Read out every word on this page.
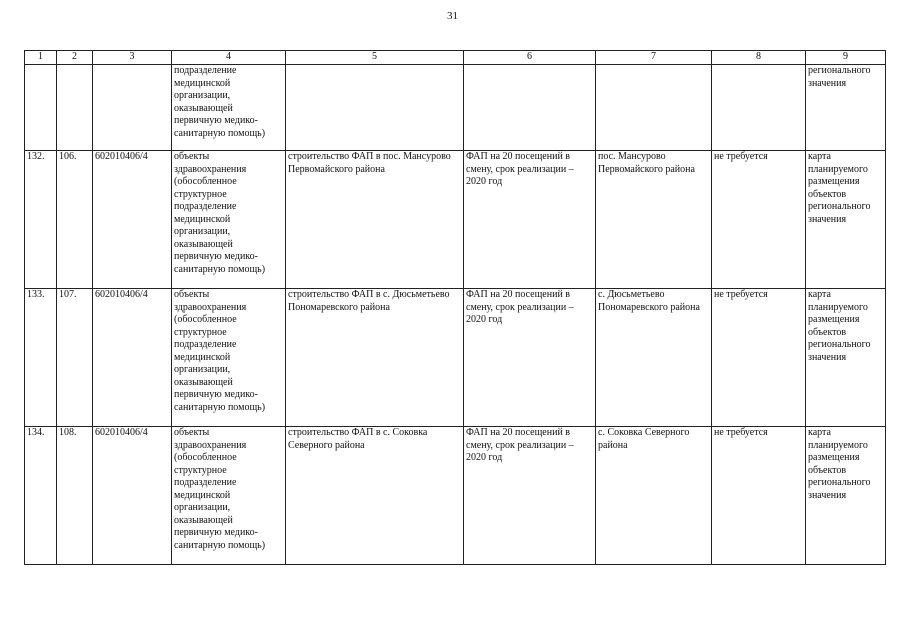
31
1	2	3	4	5	6	7	8	9
			подразделение медицинской организации, оказывающей первичную медико-санитарную помощь)					регионального значения
132.	106.	602010406/4	объекты здравоохранения (обособленное структурное подразделение медицинской организации, оказывающей первичную медико-санитарную помощь)	строительство ФАП в пос. Мансурово Первомайского района	ФАП на 20 посещений в смену, срок реализации – 2020 год	пос. Мансурово Первомайского района	не требуется	карта планируемого размещения объектов регионального значения
133.	107.	602010406/4	объекты здравоохранения (обособленное структурное подразделение медицинской организации, оказывающей первичную медико-санитарную помощь)	строительство ФАП в с. Дюсьметьево Пономаревского района	ФАП на 20 посещений в смену, срок реализации – 2020 год	с. Дюсьметьево Пономаревского района	не требуется	карта планируемого размещения объектов регионального значения
134.	108.	602010406/4	объекты здравоохранения (обособленное структурное подразделение медицинской организации, оказывающей первичную медико-санитарную помощь)	строительство ФАП в с. Соковка Северного района	ФАП на 20 посещений в смену, срок реализации – 2020 год	с. Соковка Северного района	не требуется	карта планируемого размещения объектов регионального значения
